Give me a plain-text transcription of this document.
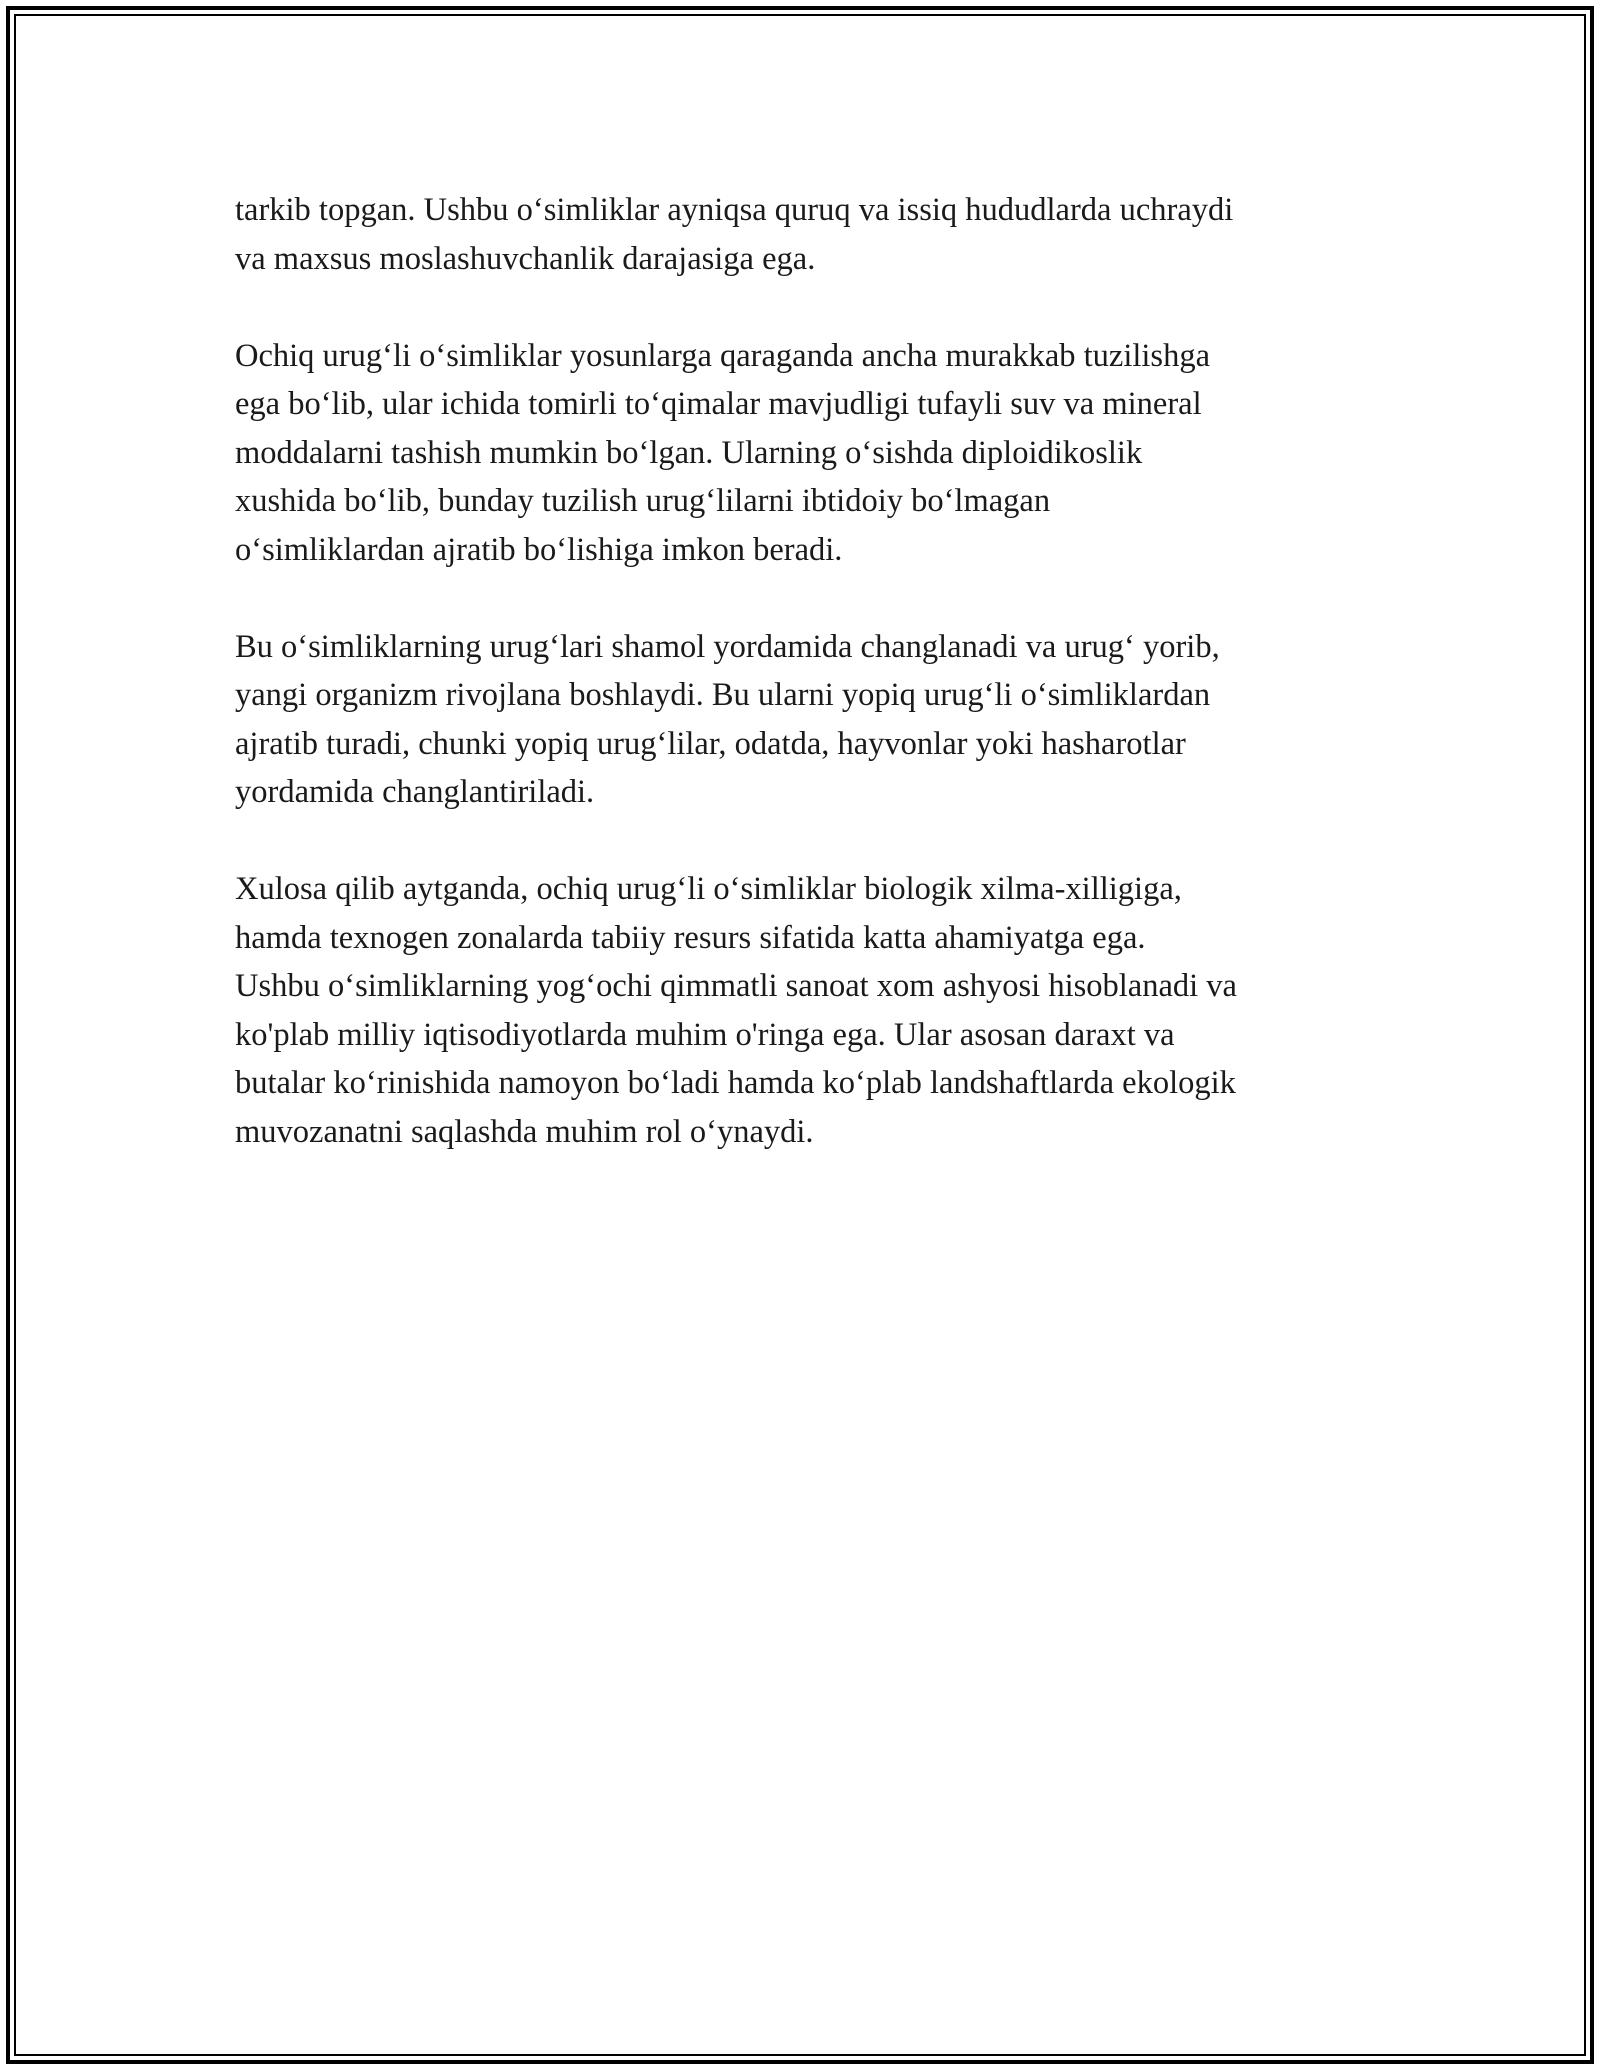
tarkib topgan. Ushbu o‘simliklar ayniqsa quruq va issiq hududlarda uchraydi
va maxsus moslashuvchanlik darajasiga ega.
Ochiq urug‘li o‘simliklar yosunlarga qaraganda ancha murakkab tuzilishga
ega bo‘lib, ular ichida tomirli to‘qimalar mavjudligi tufayli suv va mineral
moddalarni tashish mumkin bo‘lgan. Ularning o‘sishda diploidikoslik
xushida bo‘lib, bunday tuzilish urug‘lilarni ibtidoiy bo‘lmagan
o‘simliklardan ajratib bo‘lishiga imkon beradi.
Bu o‘simliklarning urug‘lari shamol yordamida changlanadi va urug‘ yorib,
yangi organizm rivojlana boshlaydi. Bu ularni yopiq urug‘li o‘simliklardan
ajratib turadi, chunki yopiq urug‘lilar, odatda, hayvonlar yoki hasharotlar
yordamida changlantiriladi.
Xulosa qilib aytganda, ochiq urug‘li o‘simliklar biologik xilma-xilligiga,
hamda texnogen zonalarda tabiiy resurs sifatida katta ahamiyatga ega.
Ushbu o‘simliklarning yog‘ochi qimmatli sanoat xom ashyosi hisoblanadi va
ko'plab milliy iqtisodiyotlarda muhim o'ringa ega. Ular asosan daraxt va
butalar ko‘rinishida namoyon bo‘ladi hamda ko‘plab landshaftlarda ekologik
muvozanatni saqlashda muhim rol o‘ynaydi.
